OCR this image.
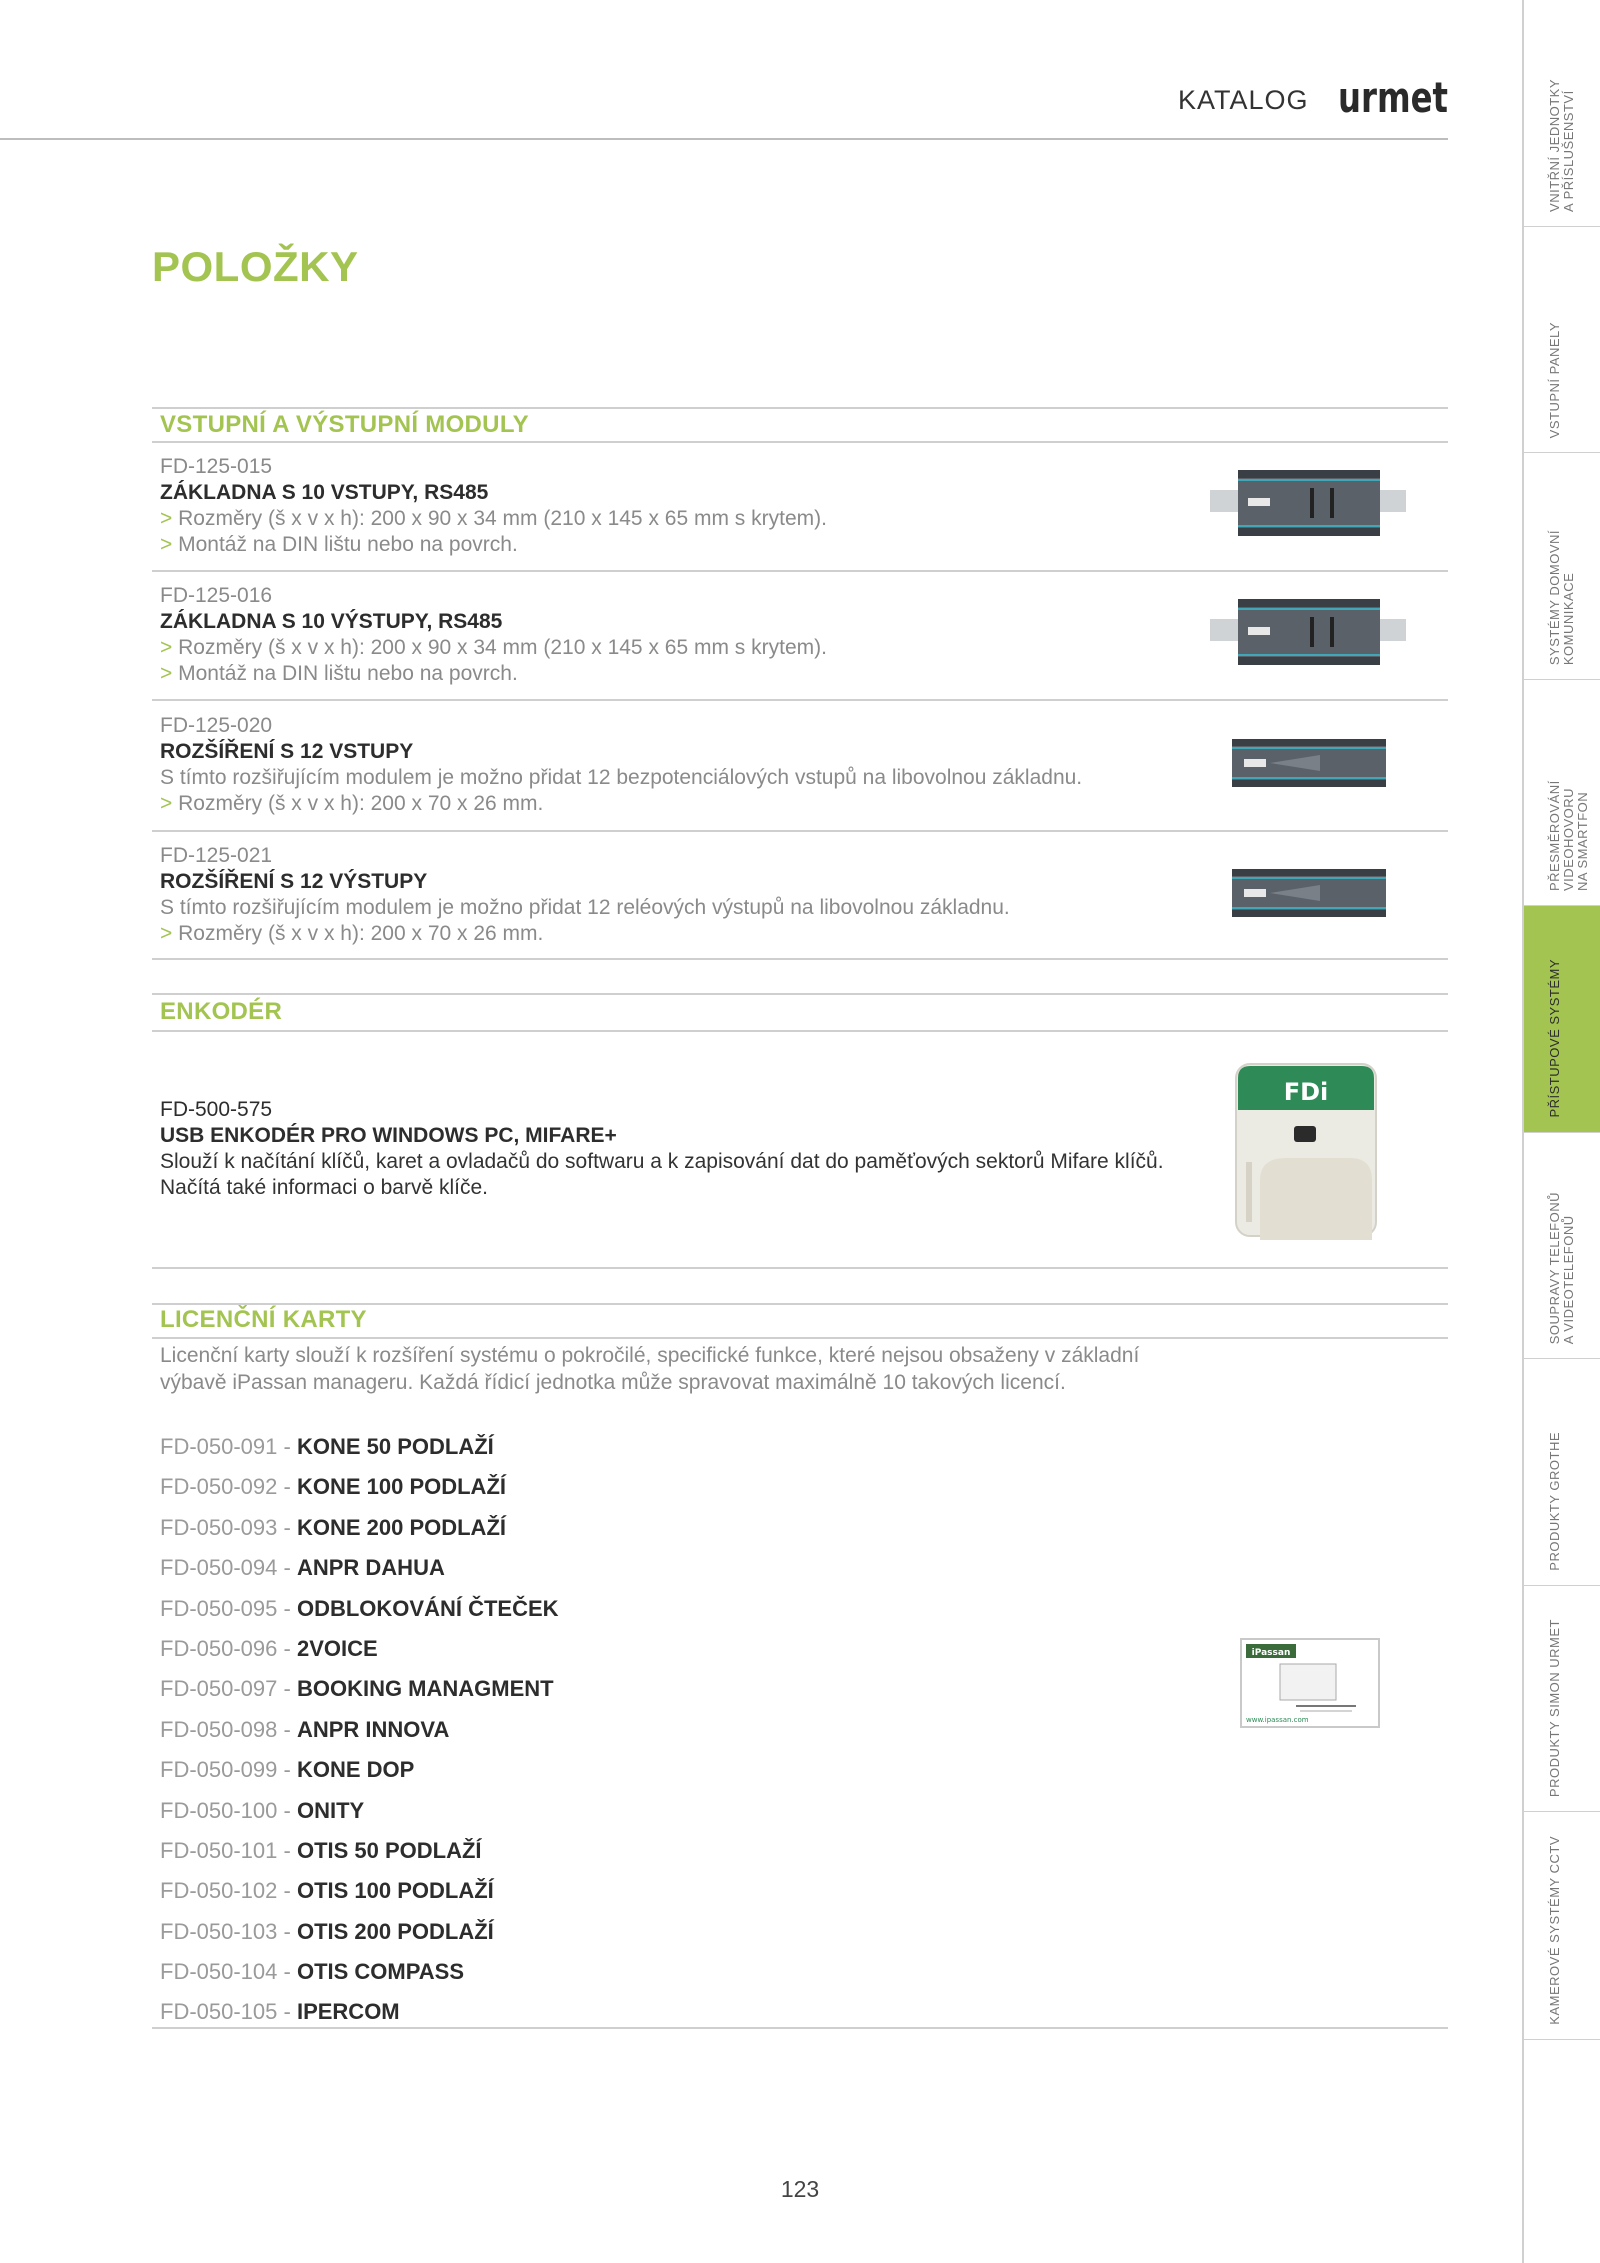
KATALOG urmet
POLOŽKY
VSTUPNÍ A VÝSTUPNÍ MODULY
FD-125-015
ZÁKLADNA S 10 VSTUPY, RS485
> Rozměry (š x v x h): 200 x 90 x 34 mm (210 x 145 x 65 mm s krytem).
> Montáž na DIN lištu nebo na povrch.
FD-125-016
ZÁKLADNA S 10 VÝSTUPY, RS485
> Rozměry (š x v x h): 200 x 90 x 34 mm (210 x 145 x 65 mm s krytem).
> Montáž na DIN lištu nebo na povrch.
FD-125-020
ROZŠÍŘENÍ S 12 VSTUPY
S tímto rozšiřujícím modulem je možno přidat 12 bezpotenciálových vstupů na libovolnou základnu.
> Rozměry (š x v x h): 200 x 70 x 26 mm.
FD-125-021
ROZŠÍŘENÍ S 12 VÝSTUPY
S tímto rozšiřujícím modulem je možno přidat 12 reléových výstupů na libovolnou základnu.
> Rozměry (š x v x h): 200 x 70 x 26 mm.
ENKODÉR
FD-500-575
USB ENKODÉR PRO WINDOWS PC, MIFARE+
Slouží k načítání klíčů, karet a ovladačů do softwaru a k zapisování dat do paměťových sektorů Mifare klíčů.
Načítá také informaci o barvě klíče.
FDi
LICENČNÍ KARTY
Licenční karty slouží k rozšíření systému o pokročilé, specifické funkce, které nejsou obsaženy v základní
výbavě iPassan manageru. Každá řídicí jednotka může spravovat maximálně 10 takových licencí.
FD-050-091 - KONE 50 PODLAŽÍ
FD-050-092 - KONE 100 PODLAŽÍ
FD-050-093 - KONE 200 PODLAŽÍ
FD-050-094 - ANPR DAHUA
FD-050-095 - ODBLOKOVÁNÍ ČTEČEK
FD-050-096 - 2VOICE
FD-050-097 - BOOKING MANAGMENT
FD-050-098 - ANPR INNOVA
FD-050-099 - KONE DOP
FD-050-100 - ONITY
FD-050-101 - OTIS 50 PODLAŽÍ
FD-050-102 - OTIS 100 PODLAŽÍ
FD-050-103 - OTIS 200 PODLAŽÍ
FD-050-104 - OTIS COMPASS
FD-050-105 - IPERCOM
iPassan
www.ipassan.com
123
VNITŘNÍ JEDNOTKY A PŘÍSLUŠENSTVÍ
VSTUPNÍ PANELY
SYSTÉMY DOMOVNÍ KOMUNIKACE
PŘESMĚROVÁNÍ VIDEOHOVORU NA SMARTFON
PŘÍSTUPOVÉ SYSTÉMY
SOUPRAVY TELEFONŮ A VIDEOTELEFONŮ
PRODUKTY GROTHE
PRODUKTY SIMON URMET
KAMEROVÉ SYSTÉMY CCTV
